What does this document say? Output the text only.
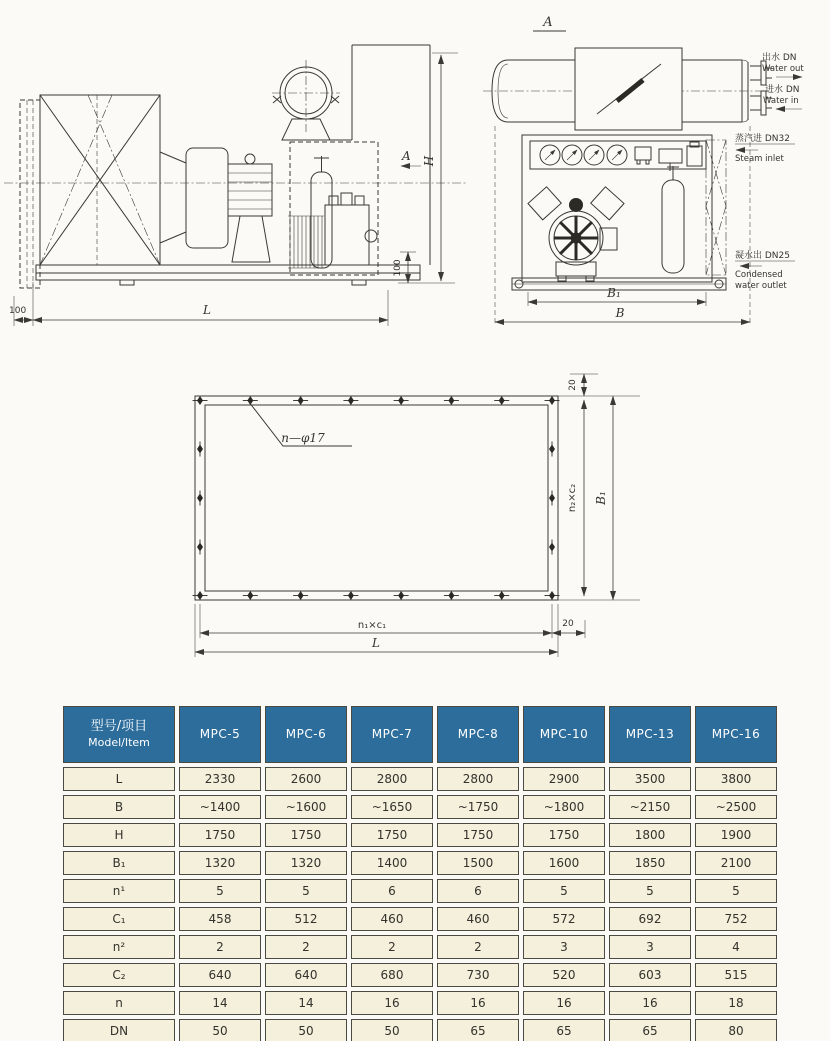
A H
100
100	L
A
B₁
B
出水 DN
Water out
进水 DN
Water in
蒸汽进 DN32
Steam inlet
凝水出 DN25
Condensed
water outlet
n—φ17
20
n₂×c₂ B₁
n₁×c₁	20
L
型号/项目
Model/Item
MPC-5	MPC-6	MPC-7	MPC-8	MPC-10	MPC-13	MPC-16
L	2330	2600	2800	2800	2900	3500	3800
B	~1400	~1600	~1650	~1750	~1800	~2150	~2500
H	1750	1750	1750	1750	1750	1800	1900
B₁	1320	1320	1400	1500	1600	1850	2100
n¹	5	5	6	6	5	5	5
C₁	458	512	460	460	572	692	752
n²	2	2	2	2	3	3	4
C₂	640	640	680	730	520	603	515
n	14	14	16	16	16	16	18
DN	50	50	50	65	65	65	80
